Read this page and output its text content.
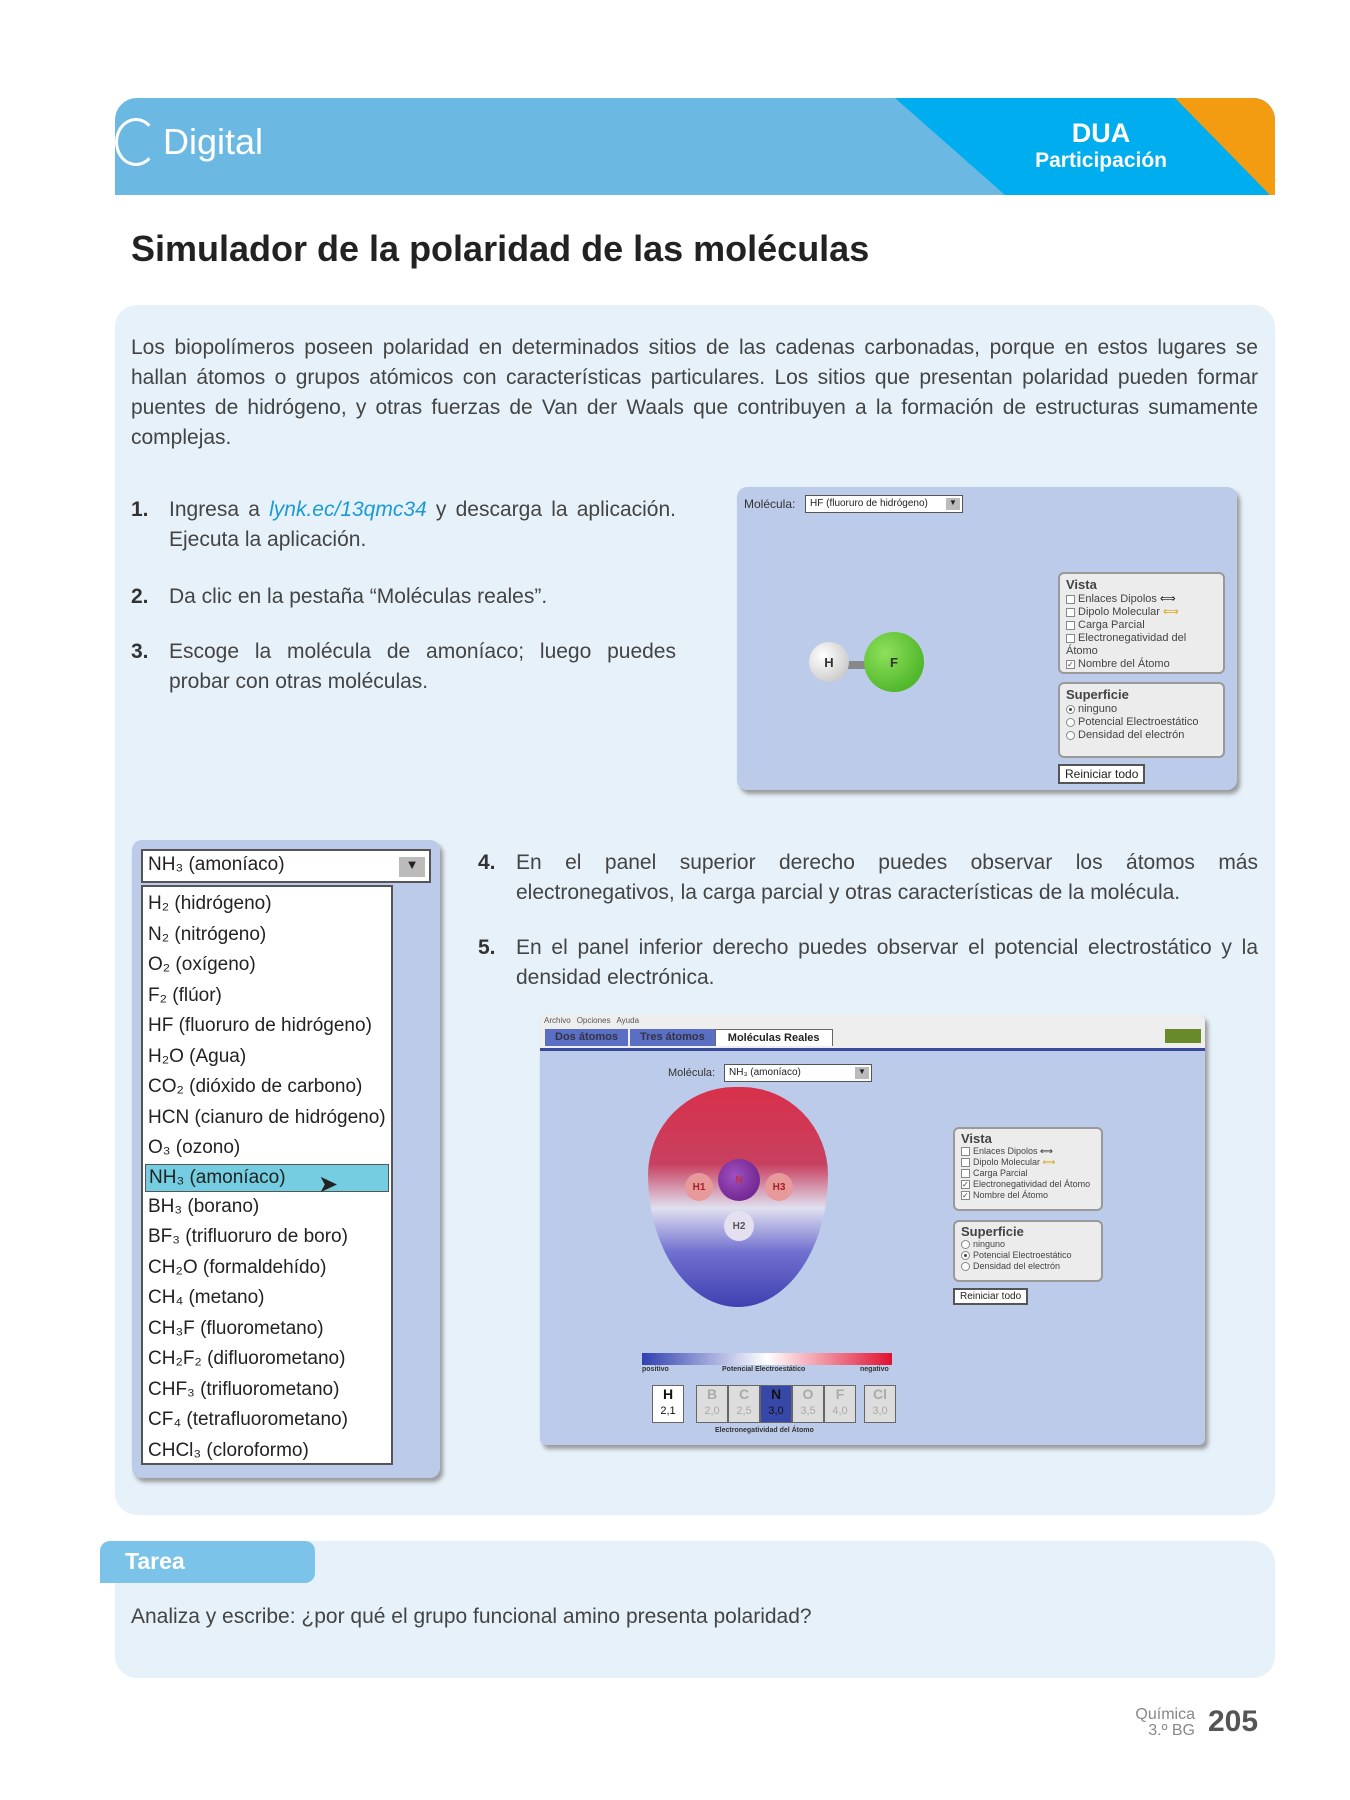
Digital	DUA
Participación
Simulador de la polaridad de las moléculas

Los biopolímeros poseen polaridad en determinados sitios de las cadenas carbonadas, porque en estos lugares se hallan átomos o grupos atómicos con características particulares. Los sitios que presentan polaridad pueden formar puentes de hidrógeno, y otras fuerzas de Van der Waals que contribuyen a la formación de estructuras sumamente complejas.

1. Ingresa a lynk.ec/13qmc34 y descarga la aplicación. Ejecuta la aplicación.
2. Da clic en la pestaña “Moléculas reales”.
3. Escoge la molécula de amoníaco; luego puedes probar con otras moléculas.
4. En el panel superior derecho puedes observar los átomos más electronegativos, la carga parcial y otras características de la molécula.
5. En el panel inferior derecho puedes observar el potencial electrostático y la densidad electrónica.
Molécula:	HF (fluoruro de hidrógeno)	▼
H	F
Vista
Enlaces Dipolos ⟺
Dipolo Molecular ⟺
Carga Parcial
Electronegatividad del Átomo
✓ Nombre del Átomo
Superficie
ninguno
Potencial Electroestático
Densidad del electrón
Reiniciar todo
NH₃ (amoníaco)	▼
H₂ (hidrógeno)
N₂ (nitrógeno)
O₂ (oxígeno)
F₂ (flúor)
HF (fluoruro de hidrógeno)
H₂O (Agua)
CO₂ (dióxido de carbono)
HCN (cianuro de hidrógeno)
O₃ (ozono)
NH₃ (amoníaco)
BH₃ (borano)
BF₃ (trifluoruro de boro)
CH₂O (formaldehído)
CH₄ (metano)
CH₃F (fluorometano)
CH₂F₂ (difluorometano)
CHF₃ (trifluorometano)
CF₄ (tetrafluorometano)
CHCl₃ (cloroformo)
➤
Archivo Opciones Ayuda
Dos átomos	Tres átomos	Moléculas Reales
Molécula:	NH₃ (amoníaco)	▼
N
H1
H2
H3
Vista
Enlaces Dipolos ⟺
Dipolo Molecular ⟺
Carga Parcial
✓ Electronegatividad del Átomo
✓ Nombre del Átomo
Superficie
ninguno
Potencial Electroestático
Densidad del electrón
Reiniciar todo
positivo	Potencial Electroestático	negativo
H
2,1
B
2,0
C
2,5
N
3,0
O
3,5
F
4,0
Cl
3,0
Electronegatividad del Átomo
Tarea

Analiza y escribe: ¿por qué el grupo funcional amino presenta polaridad?

Química
3.º BG 205
